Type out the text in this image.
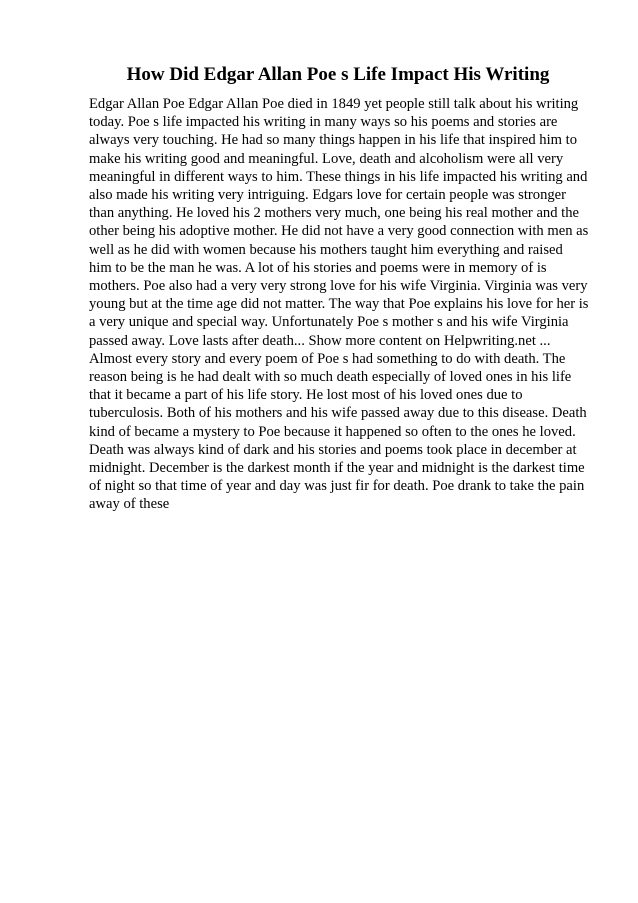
How Did Edgar Allan Poe s Life Impact His Writing

Edgar Allan Poe Edgar Allan Poe died in 1849 yet people still talk about his writing today. Poe s life impacted his writing in many ways so his poems and stories are always very touching. He had so many things happen in his life that inspired him to make his writing good and meaningful. Love, death and alcoholism were all very meaningful in different ways to him. These things in his life impacted his writing and also made his writing very intriguing. Edgars love for certain people was stronger than anything. He loved his 2 mothers very much, one being his real mother and the other being his adoptive mother. He did not have a very good connection with men as well as he did with women because his mothers taught him everything and raised him to be the man he was. A lot of his stories and poems were in memory of is mothers. Poe also had a very very strong love for his wife Virginia. Virginia was very young but at the time age did not matter. The way that Poe explains his love for her is a very unique and special way. Unfortunately Poe s mother s and his wife Virginia passed away. Love lasts after death... Show more content on Helpwriting.net ...

Almost every story and every poem of Poe s had something to do with death. The reason being is he had dealt with so much death especially of loved ones in his life that it became a part of his life story. He lost most of his loved ones due to tuberculosis. Both of his mothers and his wife passed away due to this disease. Death kind of became a mystery to Poe because it happened so often to the ones he loved. Death was always kind of dark and his stories and poems took place in december at midnight. December is the darkest month if the year and midnight is the darkest time of night so that time of year and day was just fir for death. Poe drank to take the pain away of these
